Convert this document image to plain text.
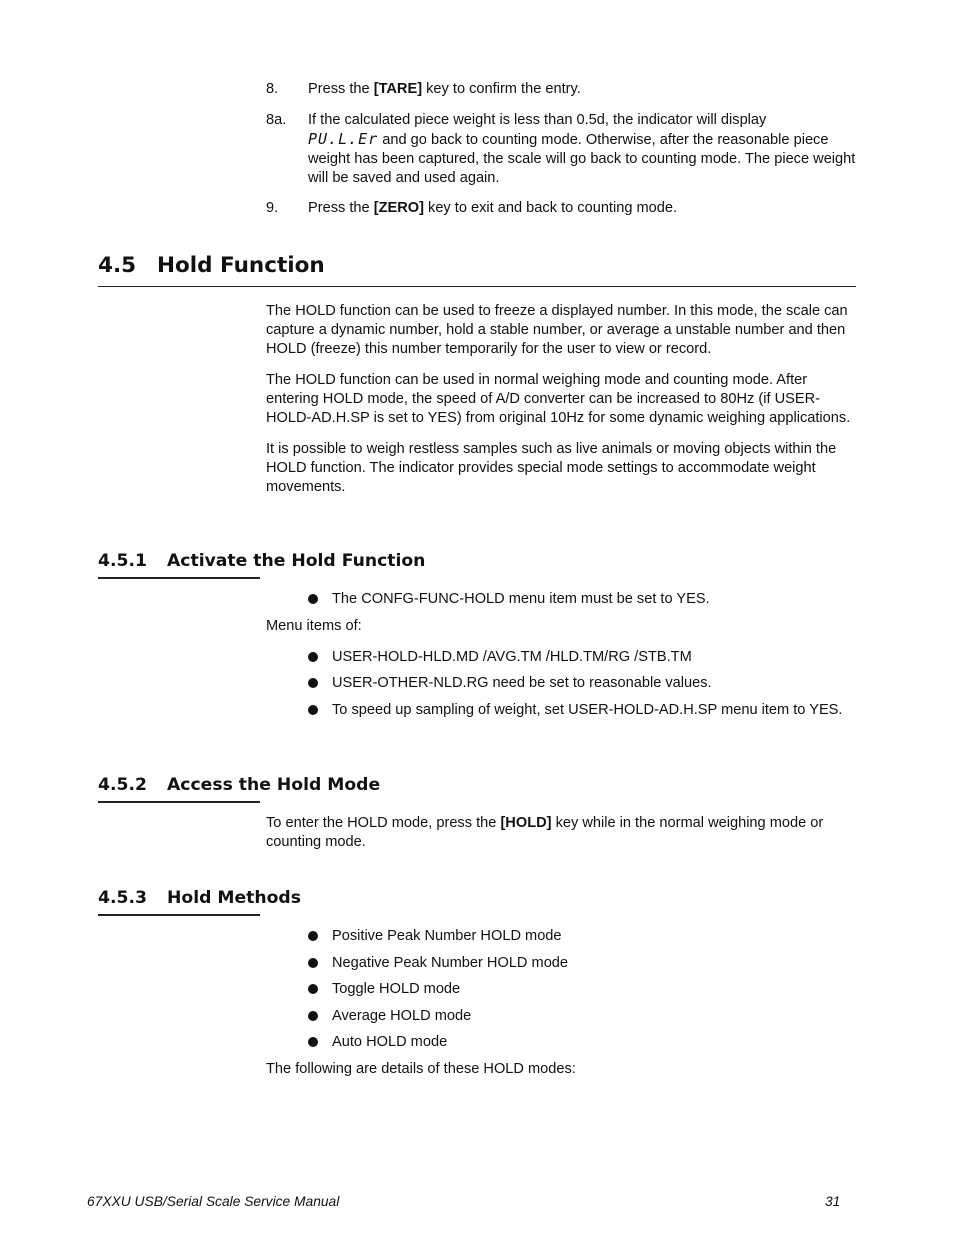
8. Press the [TARE] key to confirm the entry.
8a. If the calculated piece weight is less than 0.5d, the indicator will display
PU.L.Er and go back to counting mode. Otherwise, after the reasonable piece weight has been captured, the scale will go back to counting mode. The piece weight will be saved and used again.
9. Press the [ZERO] key to exit and back to counting mode.
4.5 Hold Function

The HOLD function can be used to freeze a displayed number. In this mode, the scale can capture a dynamic number, hold a stable number, or average a unstable number and then HOLD (freeze) this number temporarily for the user to view or record.

The HOLD function can be used in normal weighing mode and counting mode. After entering HOLD mode, the speed of A/D converter can be increased to 80Hz (if USER-HOLD-AD.H.SP is set to YES) from original 10Hz for some dynamic weighing applications.

It is possible to weigh restless samples such as live animals or moving objects within the HOLD function. The indicator provides special mode settings to accommodate weight movements.

4.5.1 Activate the Hold Function
The CONFG-FUNC-HOLD menu item must be set to YES.
Menu items of:
USER-HOLD-HLD.MD /AVG.TM /HLD.TM/RG /STB.TM
USER-OTHER-NLD.RG need be set to reasonable values.
To speed up sampling of weight, set USER-HOLD-AD.H.SP menu item to YES.
4.5.2 Access the Hold Mode
To enter the HOLD mode, press the [HOLD] key while in the normal weighing mode or counting mode.
4.5.3 Hold Methods
Positive Peak Number HOLD mode
Negative Peak Number HOLD mode
Toggle HOLD mode
Average HOLD mode
Auto HOLD mode
The following are details of these HOLD modes:
67XXU USB/Serial Scale Service Manual	31
